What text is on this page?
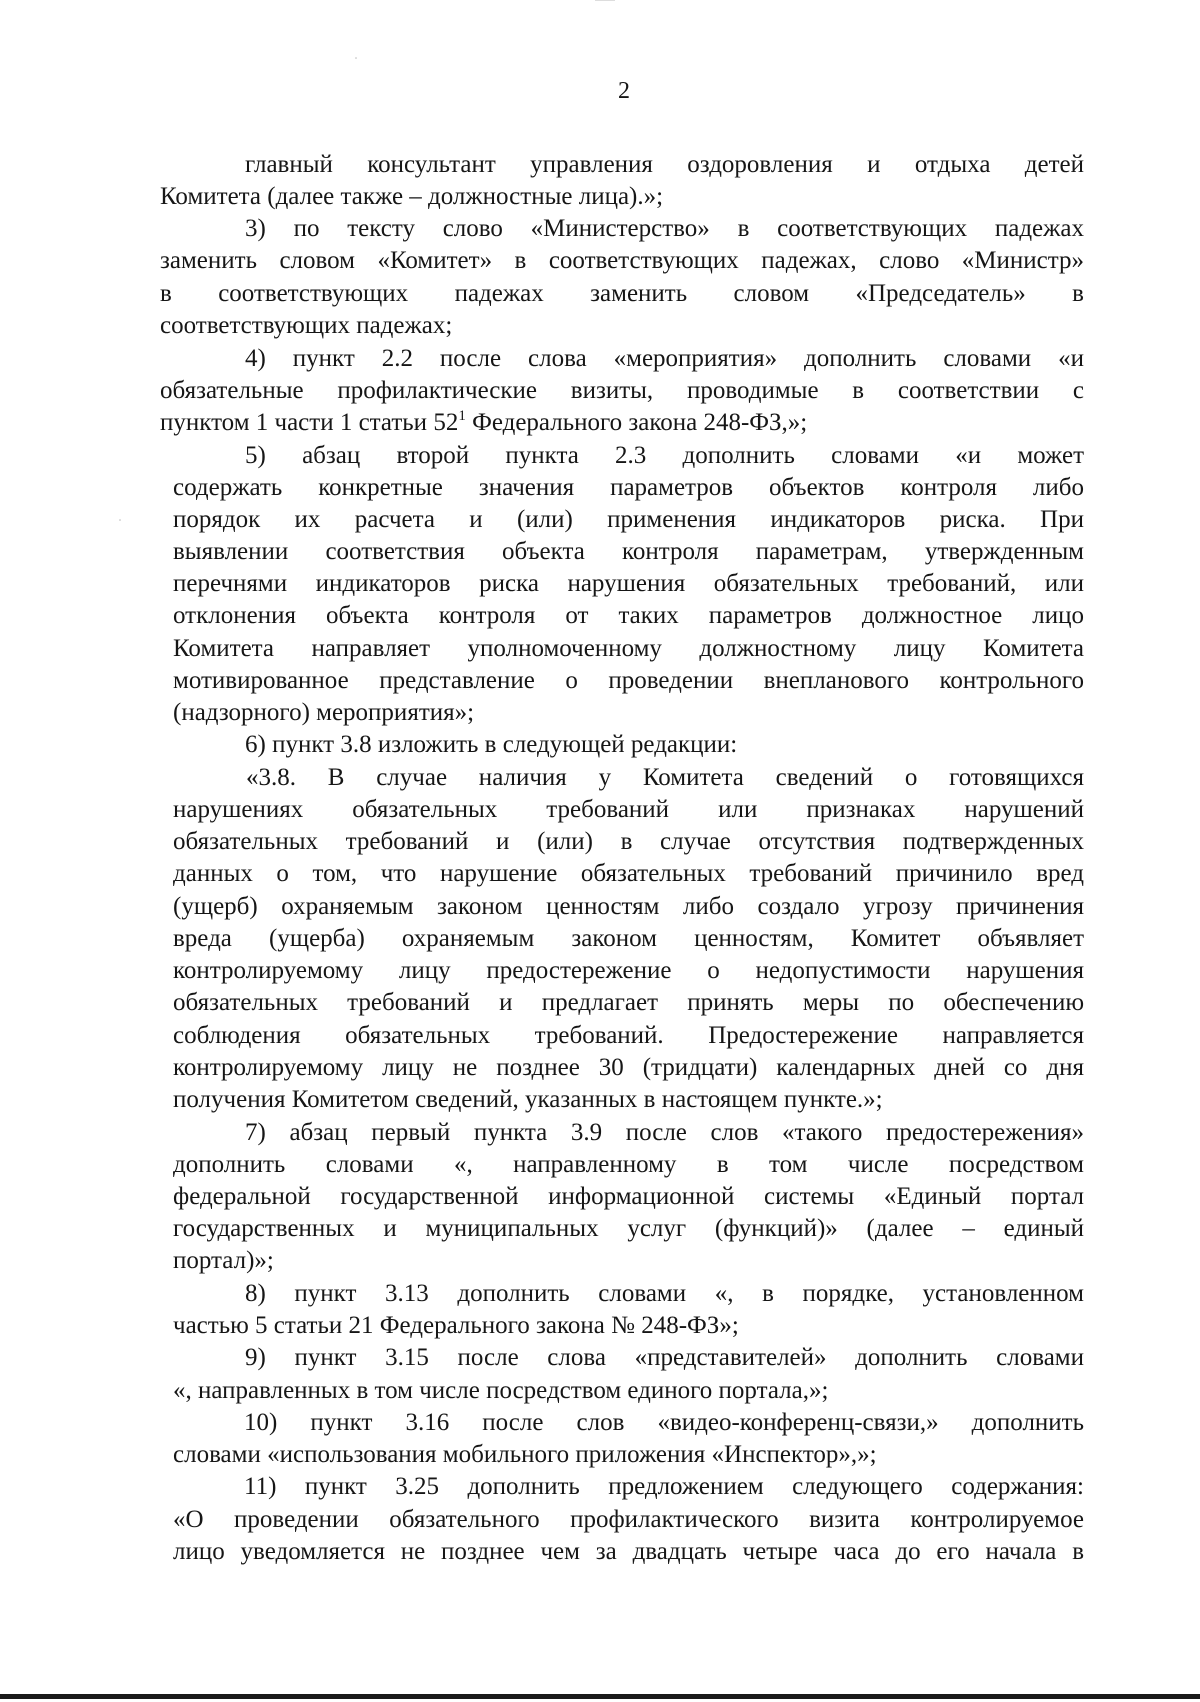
2
главный консультант управления оздоровления и отдыха детей
Комитета (далее также – должностные лица).»;
3) по тексту слово «Министерство» в соответствующих падежах
заменить словом «Комитет» в соответствующих падежах, слово «Министр»
в соответствующих падежах заменить словом «Председатель» в
соответствующих падежах;
4) пункт 2.2 после слова «мероприятия» дополнить словами «и
обязательные профилактические визиты, проводимые в соответствии с
пунктом 1 части 1 статьи $52^1$ Федерального закона 248-ФЗ,»;
5) абзац второй пункта 2.3 дополнить словами «и может
содержать конкретные значения параметров объектов контроля либо
порядок их расчета и (или) применения индикаторов риска. При
выявлении соответствия объекта контроля параметрам, утвержденным
перечнями индикаторов риска нарушения обязательных требований, или
отклонения объекта контроля от таких параметров должностное лицо
Комитета направляет уполномоченному должностному лицу Комитета
мотивированное представление о проведении внепланового контрольного
(надзорного) мероприятия»;
6) пункт 3.8 изложить в следующей редакции:
«3.8. В случае наличия у Комитета сведений о готовящихся
нарушениях обязательных требований или признаках нарушений
обязательных требований и (или) в случае отсутствия подтвержденных
данных о том, что нарушение обязательных требований причинило вред
(ущерб) охраняемым законом ценностям либо создало угрозу причинения
вреда (ущерба) охраняемым законом ценностям, Комитет объявляет
контролируемому лицу предостережение о недопустимости нарушения
обязательных требований и предлагает принять меры по обеспечению
соблюдения обязательных требований. Предостережение направляется
контролируемому лицу не позднее 30 (тридцати) календарных дней со дня
получения Комитетом сведений, указанных в настоящем пункте.»;
7) абзац первый пункта 3.9 после слов «такого предостережения»
дополнить словами «, направленному в том числе посредством
федеральной государственной информационной системы «Единый портал
государственных и муниципальных услуг (функций)» (далее – единый
портал)»;
8) пункт 3.13 дополнить словами «, в порядке, установленном
частью 5 статьи 21 Федерального закона № 248-ФЗ»;
9) пункт 3.15 после слова «представителей» дополнить словами
«, направленных в том числе посредством единого портала,»;
10) пункт 3.16 после слов «видео-конференц-связи,» дополнить
словами «использования мобильного приложения «Инспектор»,»;
11) пункт 3.25 дополнить предложением следующего содержания:
«О проведении обязательного профилактического визита контролируемое
лицо уведомляется не позднее чем за двадцать четыре часа до его начала в
